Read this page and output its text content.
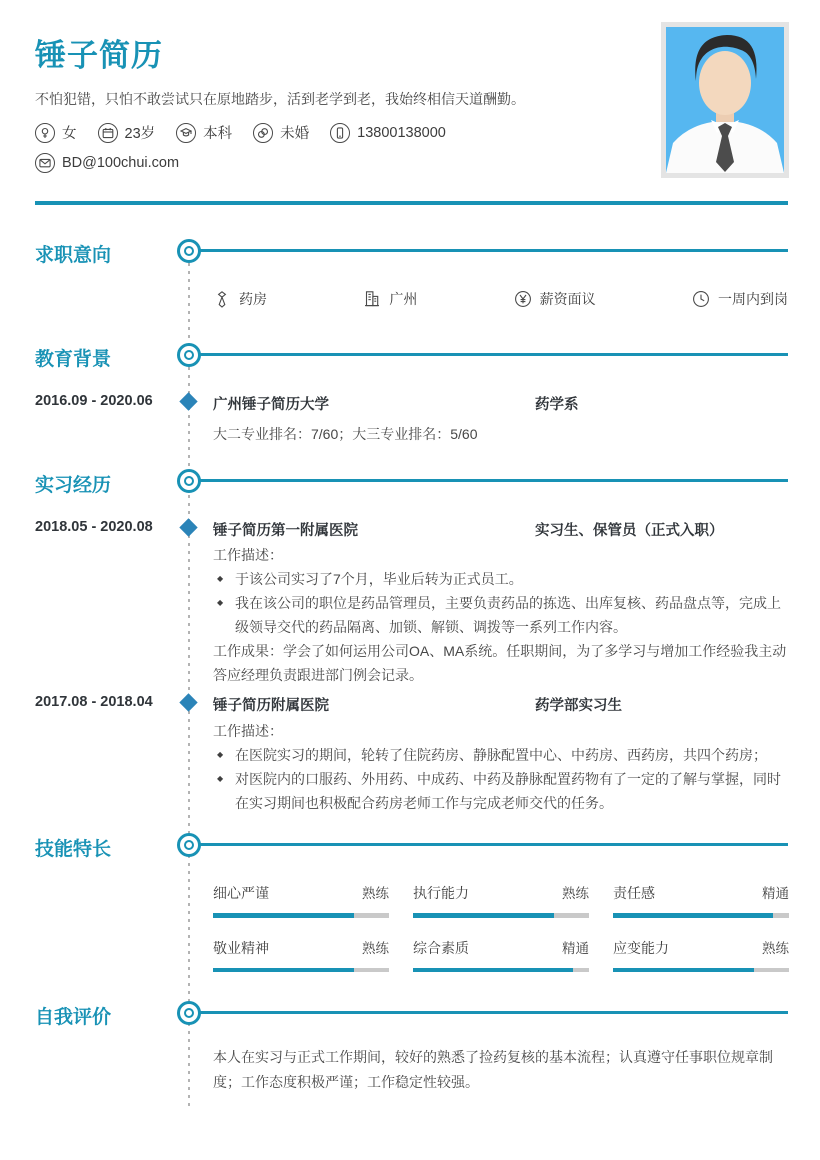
锤子简历
不怕犯错，只怕不敢尝试只在原地踏步，活到老学到老，我始终相信天道酬勤。
女	23岁	本科	未婚	13800138000
BD@100chui.com
求职意向
药房	广州	薪资面议	一周内到岗
教育背景
2016.09 - 2020.06	广州锤子简历大学	药学系
大二专业排名：7/60；大三专业排名：5/60
实习经历
2018.05 - 2020.08	锤子简历第一附属医院	实习生、保管员（正式入职）
工作描述：
◆ 于该公司实习了7个月，毕业后转为正式员工。
◆ 我在该公司的职位是药品管理员，主要负责药品的拣选、出库复核、药品盘点等，完成上级领导交代的药品隔离、加锁、解锁、调拨等一系列工作内容。
工作成果：学会了如何运用公司OA、MA系统。任职期间，为了多学习与增加工作经验我主动答应经理负责跟进部门例会记录。
2017.08 - 2018.04	锤子简历附属医院	药学部实习生
工作描述：
◆ 在医院实习的期间，轮转了住院药房、静脉配置中心、中药房、西药房，共四个药房；
◆ 对医院内的口服药、外用药、中成药、中药及静脉配置药物有了一定的了解与掌握，同时在实习期间也积极配合药房老师工作与完成老师交代的任务。
技能特长
细心严谨	熟练 执行能力	熟练 责任感	精通
敬业精神	熟练 综合素质	精通 应变能力	熟练
自我评价
本人在实习与正式工作期间，较好的熟悉了捡药复核的基本流程；认真遵守任事职位规章制度；工作态度积极严谨；工作稳定性较强。
